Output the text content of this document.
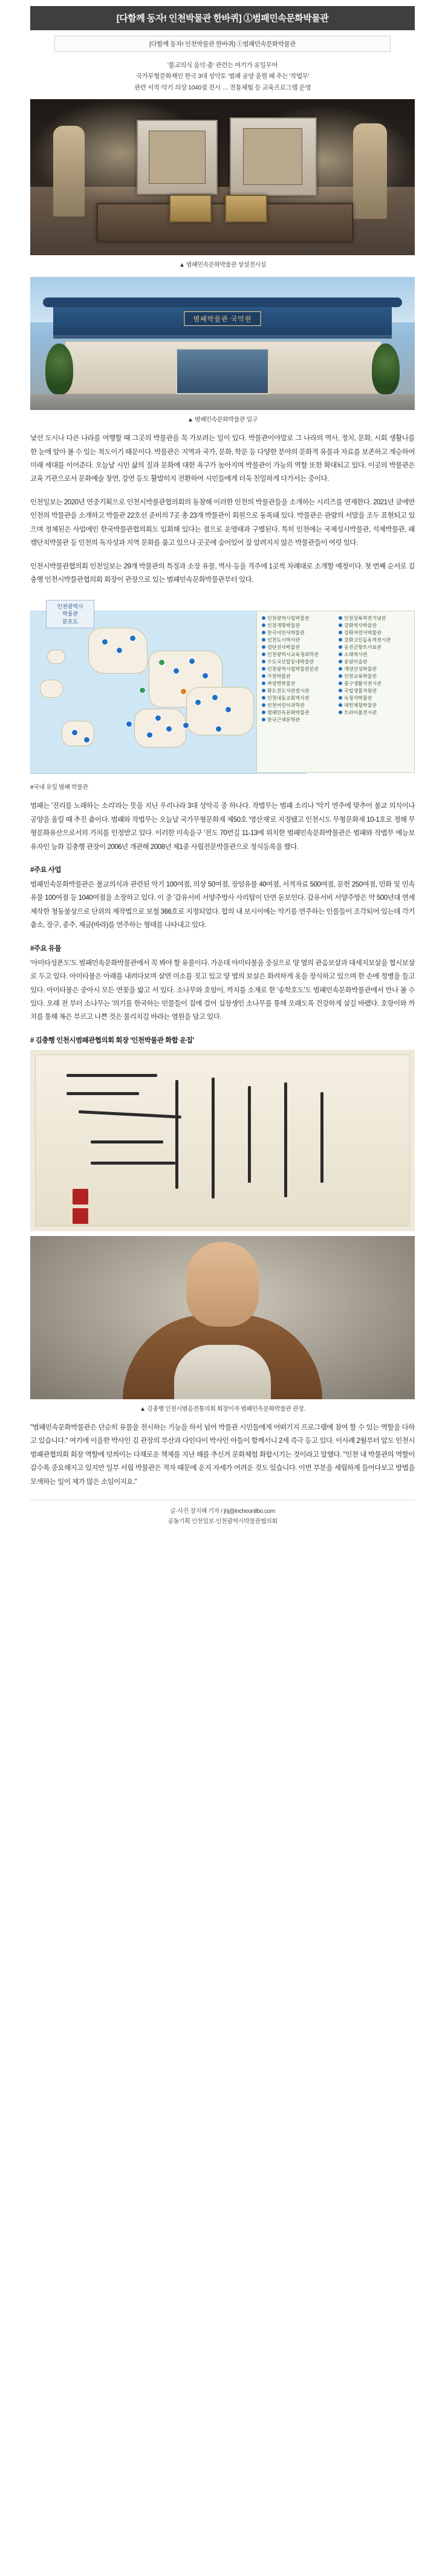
[다함께 동자! 인천박물관 한바퀴] ①범패민속문화박물관
[다함께 동자! 인천박물관 한바퀴] ①범패민속문화박물관
'불교의식 음악·춤' 관련는 여기가 유일무어
국가무형문화재인 한국 3대 성악토 '범패 공양 울릴 때 추는 '작법무'
관련 서적·악기·의상 1040점 전시 … 전통체험 등 교육프로그램 운영
▲ 범패민속문화박물관 상설전시실
범패박물관 국악원
▲ 범패민속문화박물관 입구

낯선 도시나 다른 나라를 여행할 때 그곳의 박물관을 꼭 가보려는 일이 있다. 박물관이야말로 그 나라의 역사, 정치, 문화, 시회 생활나를 한 눈에 알아 볼 수 있는 척도이기 때문이다. 박물관은 지역과 국가, 문화, 학문 등 다양한 분야의 문화적 유물과 자료를 보존하고 계승하여 미래 세대를 이어준다. 오늘날 시민 삶의 질과 문화에 대한 욕구가 높아지며 박물관이 가능의 역할 또한 확대되고 있다. 이곳의 박물관은 교육 기관으로서 문화예술 창연, 강연 등도 활발히지 전환하여 시민들에게 더욱 친밀하게 다가서는 중이다.

인천일보는 2020년 연중기획으로 인천시박물관협의회의 동참해 이러한 인천의 박물관들을 소개하는 시리즈를 연재한다. 2021년 글에만 인천의 박물관을 소개하고 박물관 22호선 준비의 7곳 총 23개 박물관이 회원으로 동록돼 있다. 박물관은 관람의 서말을 조두 표현되고 있으며 정체된은 사업에인 한국박물관협의회도 입회해 있다는 점으로 운영태과 구별된다. 특히 인천에는 국제성시박물관, 석제박물관, 패캠단치박물관 등 인천의 독자성과 지역 문화를 품고 있으나 곳곳에 숨어있어 잘 알려지지 않은 박물관들이 여럿 있다.

인천시박물관협의회 인천일보는 29개 박물관의 특징과 소장 유물, 역사·등을 격주에 1곳씩 차례대로 소개할 예정이다. 첫 번째 순서로 김충행 인천시박물관협의회 회장이 관장으로 있는 범패민속문화박물관부터 있다.

인천광역시
박물관
분포도	인천광역시립박물관
인천개항박물관
한국이민사박물관
인천도시역사관
검단선사박물관
인천광역시교육청과학관
수도국산달동네박물관
인천광역시립박물관분관
가천박물관
짜장면박물관
화도진도서관전시관
인천내동교회역사관
인천어린이과학관
범패민속문화박물관
한국근대문학관
인천상륙작전기념관
강화역사박물관
강화자연사박물관
강화고인돌유적전시관
옹진군향토사료관
소래역사관
송암미술관
계양산성박물관
인천교육박물관
중구생활사전시관
국립생물자원관
녹청자박물관
대헌체험박물관
트라이볼전시관
#국내 유일 범패 박물관

범패는 '진리를 노래하는 소리'라는 뜻을 지닌 우리나라 3대 성악곡 중 하나다. 작법무는 범패 소리나 '악기 연주에 맞추어 불교 의식이나 공양을 올릴 때 추진 춤이다. 범패와 작법무는 오늘날 국가무형문화재 제50호 '영산재'로 지정됐고 인천시도 무형문화재 10-1호로 정해 무형문화유산으로서의 가치를 인정받고 있다. 이러한 미속을구 '전도 70번길 11-13에 위치한 범패민속문화박물관은 범패와 작법무 예능보유자인 능화 김충행 관장이 2006년 개관해 2008년 제1종 사립전문박물관으로 정식등록을 했다.

#주요 사업

범패민속문화박물관은 불교의식과 관련된 악기 100여점, 의상 50여점, 장엄유물 40여점, 서적자료 500여점, 문헌 250여점, 민화 및 민속유물 100여점 등 1040여점을 소장하고 있다. 이 중 '갑유서비 서양주방사 사리탑이 단연 돋보인다. 갑유서비 서양주방은 약 500년대 연세 제작한 청동불상으로 단위의 제작법으로 보철 366호로 지정되었다. 합의 내 보시이에는 악기를 연주하는 인물들이 조각되어 있는데 각기 춤소, 장구, 종주, 제금(바라)를 연주하는 형태를 나타내고 있다.

#주요 유물

'아미타성폰도'도 범패민속문화박물관에서 꼭 봐야 할 유물이다. 가운데 아미타불을 중심으로 양 옆의 관음보살과 대세지보살을 협시보살로 두고 있다. 아미타불은 아래를 내려다보며 살면 미소를 짓고 있고 양 옆의 보살은 화려하게 옷을 장식하고 있으며 한 손에 정병을 들고 있다. 아미타불은 중아시 모든 연꽃을 밟고 서 있다. 소나무와 호암이, 까치를 소재로 한 '송학호도'도 범패민속문화박물관에서 만나 볼 수 있다. 오래 전 부터 소나무는 '의기를 한국하는 민물들이 집에 걸어 십장생인 소나무를 통해 오래도록 건강하게 살길 바랬다. 호랑이와 까치를 통해 복은 부르고 나쁜 것은 물리치길 바라는 염원을 담고 있다.

# 김충행 인천시범패관협의회 회장 '인천박물관 화합 운집'
▲ 김충행 인천시범음전통의회 회장이자 범패민속문화박물관 관장.

"범패민속문화박물관은 단순히 유물을 전시하는 기능을 하서 넘어 박물관 시민들에게 어떠기지 프로그램에 참여 할 수 있는 역할을 다하고 있습니다." 여기에 이을한 박사인 김 관장의 부산과 다인다이 박사인 아들이 함께서니 2세 즉극 등고 있다. 이사례 2월부터 앞도 인천시 범패관협의회 회장 역할에 덧씌이는 다채로운 책제를 지난 해를 추신거 문화체험 화합시기는 것이라고 말했다. "인천 내 박물관의 역할이 갈수록 중요해지고 있지만 일부 서립 박물관은 적자 때문에 운지 자세가 어려운 것도 있습니다. 이번 부분을 세립하게 들어다보고 방법을 모색하는 일이 제가 많은 소임이지요."

글·사진 장지혜 기자 / jhj@incheonilbo.com
공동기획 인천일보·인천광역시박물관협의회
